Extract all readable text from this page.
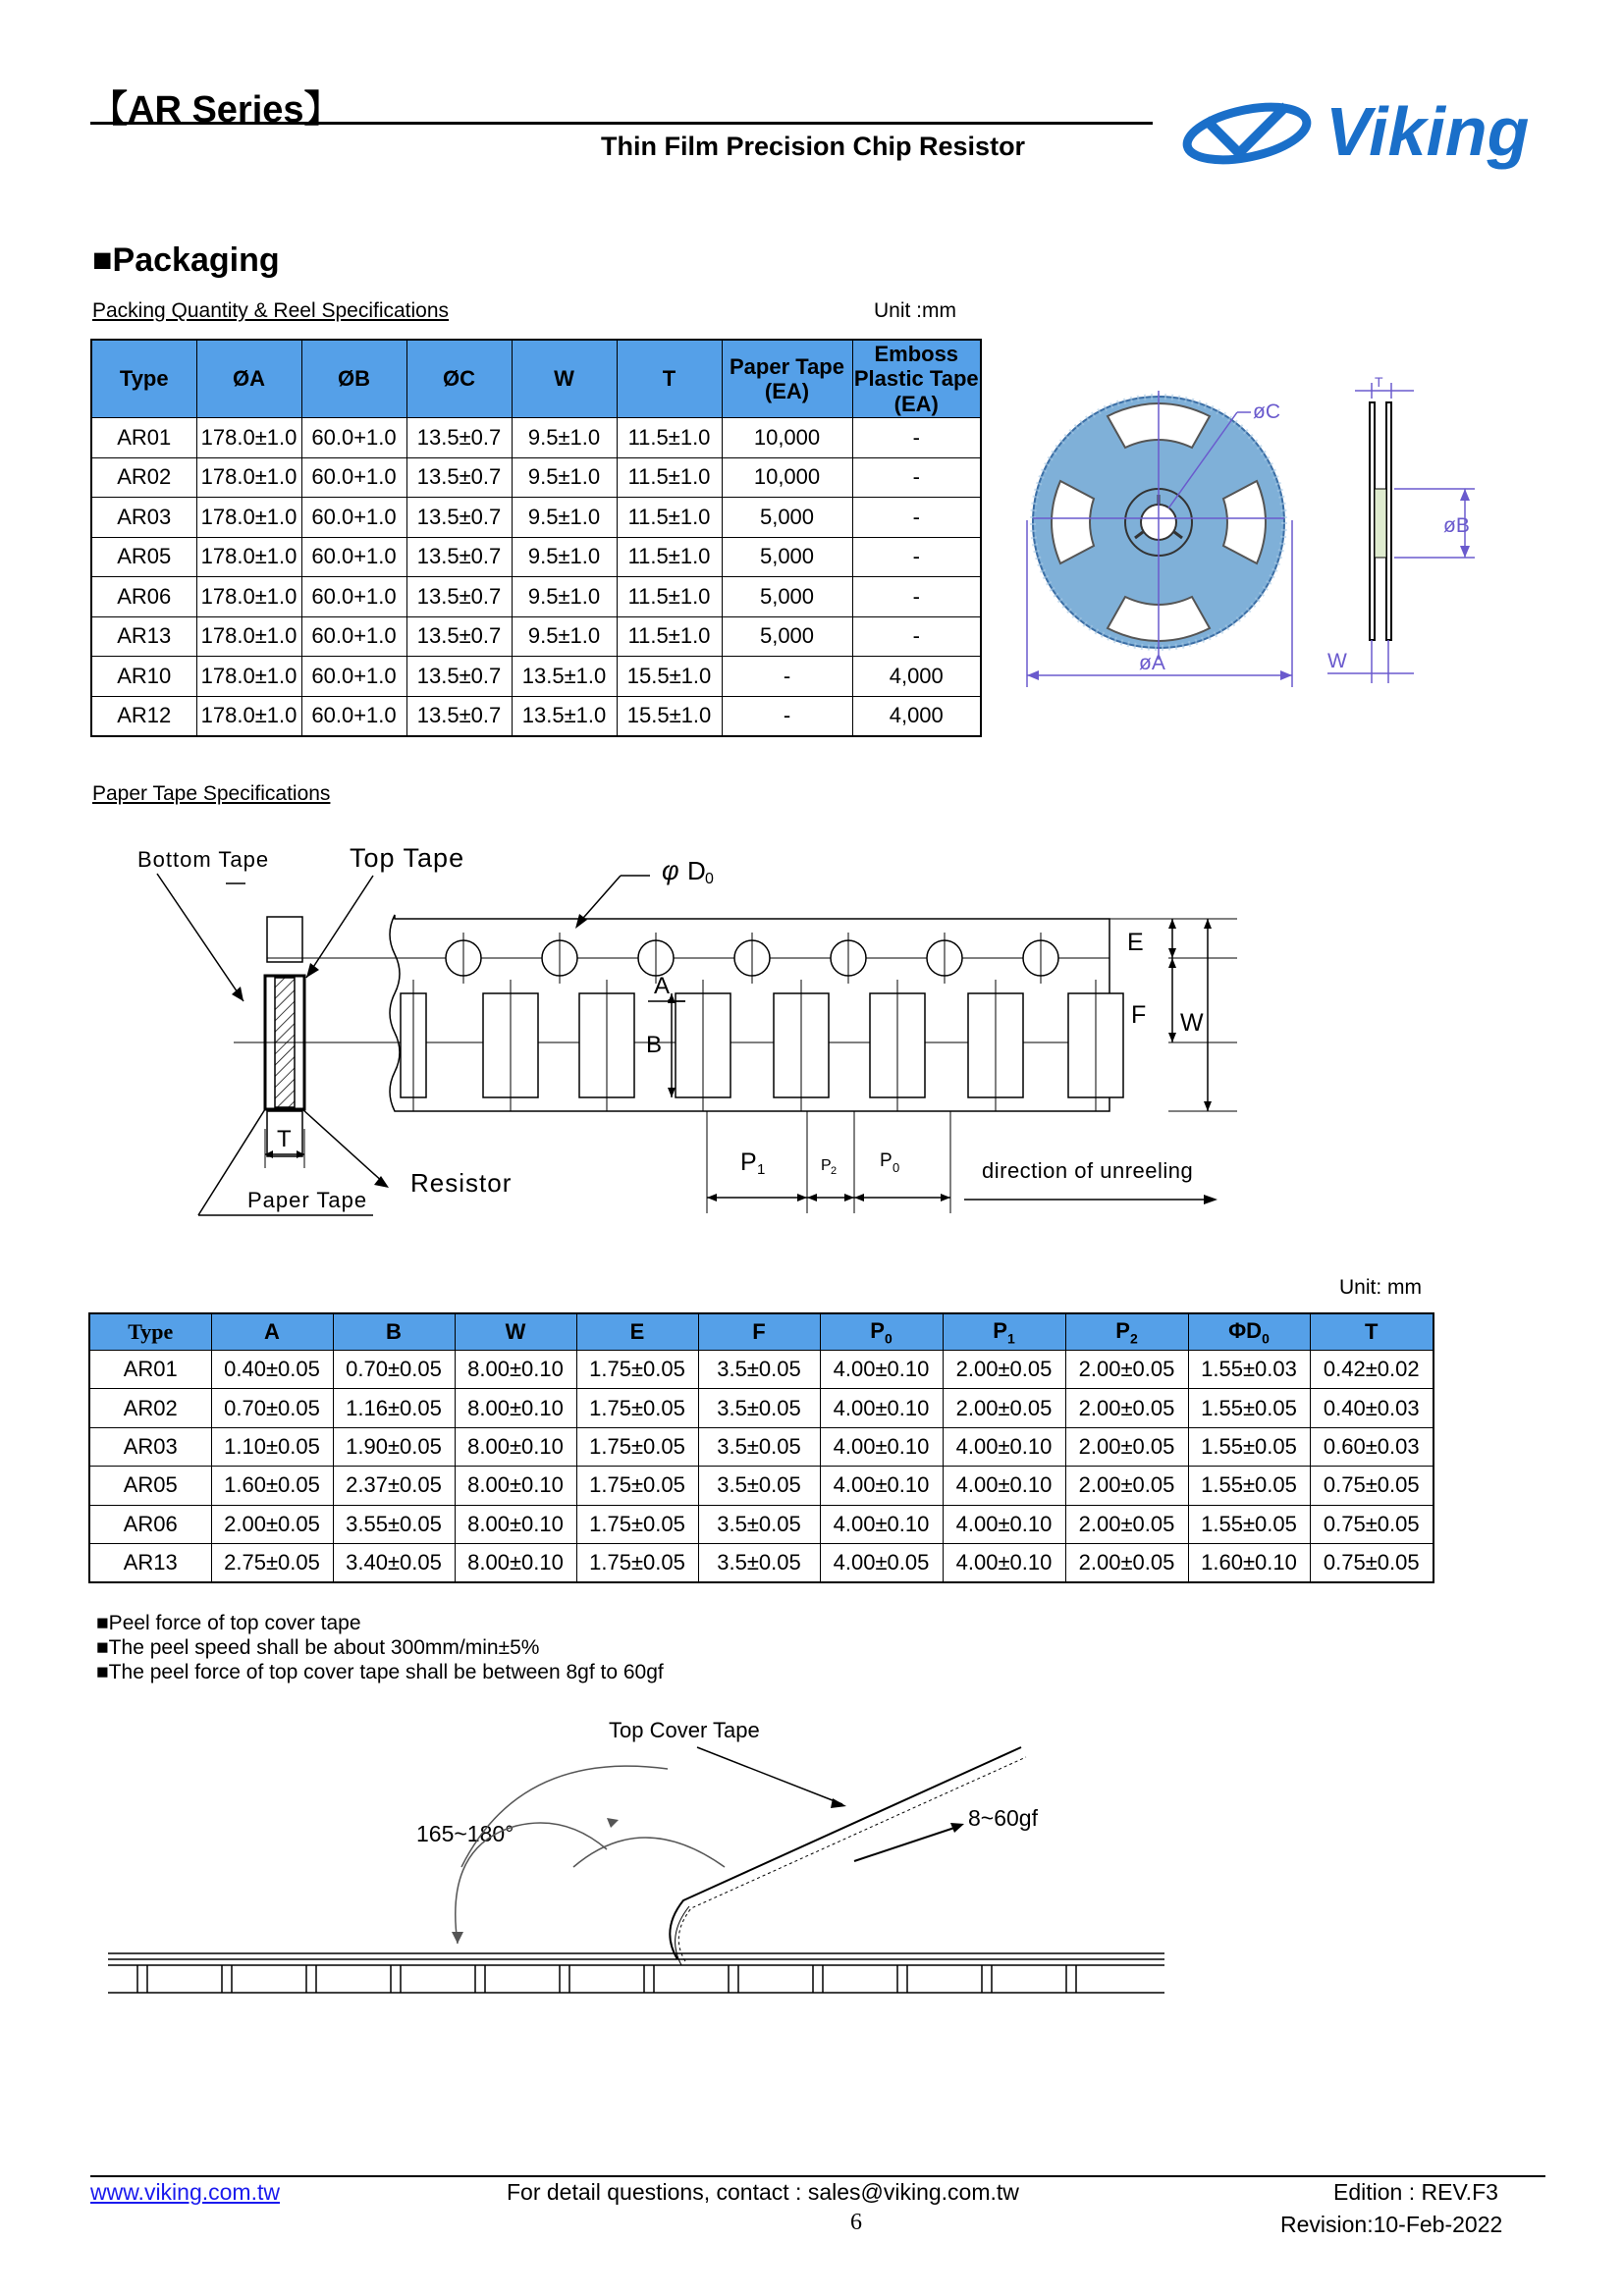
【AR Series】
Thin Film Precision Chip Resistor	Viking
■Packaging
Packing Quantity & Reel Specifications	Unit :mm
Type	ØA	ØB	ØC	W	T	Paper Tape (EA)	Emboss Plastic Tape (EA)
AR01	178.0±1.0	60.0+1.0	13.5±0.7	9.5±1.0	11.5±1.0	10,000	-
AR02	178.0±1.0	60.0+1.0	13.5±0.7	9.5±1.0	11.5±1.0	10,000	-
AR03	178.0±1.0	60.0+1.0	13.5±0.7	9.5±1.0	11.5±1.0	5,000	-
AR05	178.0±1.0	60.0+1.0	13.5±0.7	9.5±1.0	11.5±1.0	5,000	-
AR06	178.0±1.0	60.0+1.0	13.5±0.7	9.5±1.0	11.5±1.0	5,000	-
AR13	178.0±1.0	60.0+1.0	13.5±0.7	9.5±1.0	11.5±1.0	5,000	-
AR10	178.0±1.0	60.0+1.0	13.5±0.7	13.5±1.0	15.5±1.0	-	4,000
AR12	178.0±1.0	60.0+1.0	13.5±0.7	13.5±1.0	15.5±1.0	-	4,000
øA
øC
T
øB
W
Paper Tape Specifications
Bottom Tape	Top Tape
T
Resistor
Paper Tape
A
B
φ D 0
E
F W
P 1	P 2 P 0	direction of unreeling
Unit: mm
Type	A	B	W	E	F	$P_0$	$P_1$	$P_2$	$\Phi D_0$	T
AR01	0.40±0.05	0.70±0.05	8.00±0.10	1.75±0.05	3.5±0.05	4.00±0.10	2.00±0.05	2.00±0.05	1.55±0.03	0.42±0.02
AR02	0.70±0.05	1.16±0.05	8.00±0.10	1.75±0.05	3.5±0.05	4.00±0.10	2.00±0.05	2.00±0.05	1.55±0.05	0.40±0.03
AR03	1.10±0.05	1.90±0.05	8.00±0.10	1.75±0.05	3.5±0.05	4.00±0.10	4.00±0.10	2.00±0.05	1.55±0.05	0.60±0.03
AR05	1.60±0.05	2.37±0.05	8.00±0.10	1.75±0.05	3.5±0.05	4.00±0.10	4.00±0.10	2.00±0.05	1.55±0.05	0.75±0.05
AR06	2.00±0.05	3.55±0.05	8.00±0.10	1.75±0.05	3.5±0.05	4.00±0.10	4.00±0.10	2.00±0.05	1.55±0.05	0.75±0.05
AR13	2.75±0.05	3.40±0.05	8.00±0.10	1.75±0.05	3.5±0.05	4.00±0.05	4.00±0.10	2.00±0.05	1.60±0.10	0.75±0.05
■Peel force of top cover tape
■The peel speed shall be about 300mm/min±5%
■The peel force of top cover tape shall be between 8gf to 60gf
Top Cover Tape
165~180°
8~60gf
www.viking.com.tw	For detail questions, contact : sales@viking.com.tw	Edition : REV.F3
6	Revision:10-Feb-2022
